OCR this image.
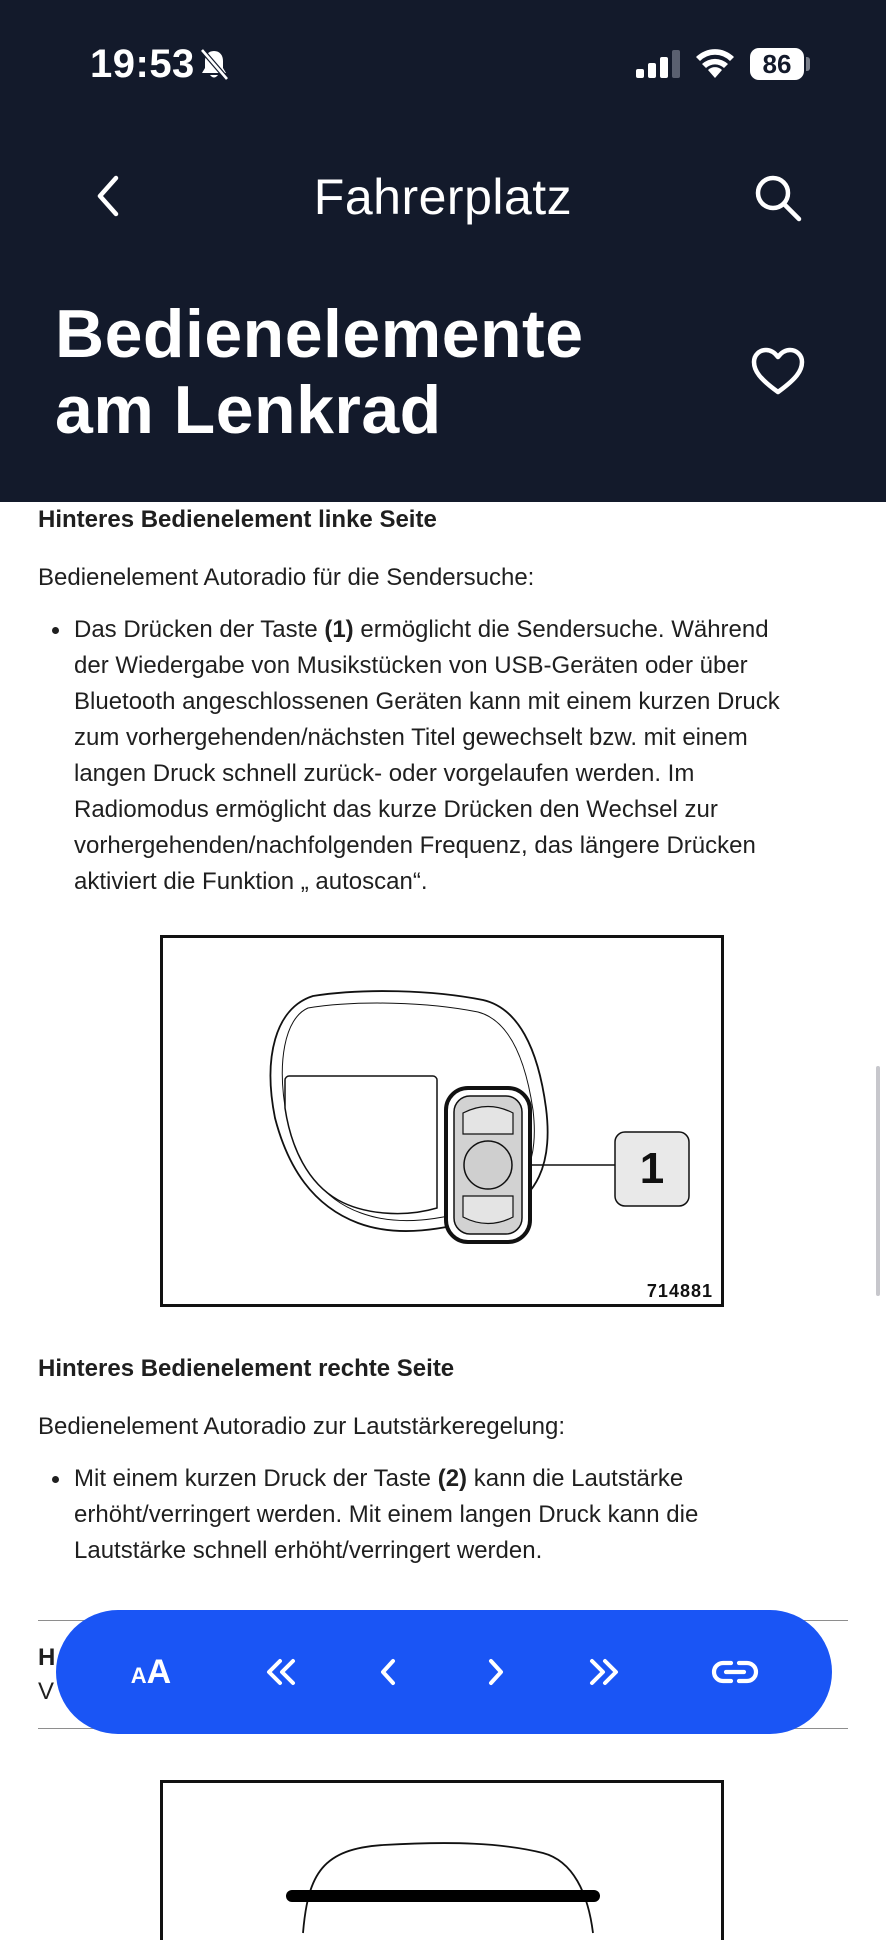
19:53	86
Fahrerplatz
Bedienelemente
am Lenkrad
Hinteres Bedienelement linke Seite
Bedienelement Autoradio für die Sendersuche:
Das Drücken der Taste (1) ermöglicht die Sendersuche. Während
der Wiedergabe von Musikstücken von USB-Geräten oder über
Bluetooth angeschlossenen Geräten kann mit einem kurzen Druck
zum vorhergehenden/nächsten Titel gewechselt bzw. mit einem
langen Druck schnell zurück- oder vorgelaufen werden. Im
Radiomodus ermöglicht das kurze Drücken den Wechsel zur
vorhergehenden/nachfolgenden Frequenz, das längere Drücken
aktiviert die Funktion „ autoscan“.
1
714881
Hinteres Bedienelement rechte Seite
Bedienelement Autoradio zur Lautstärkeregelung:
Mit einem kurzen Druck der Taste (2) kann die Lautstärke
erhöht/verringert werden. Mit einem langen Druck kann die
Lautstärke schnell erhöht/verringert werden.
H
V
AA
